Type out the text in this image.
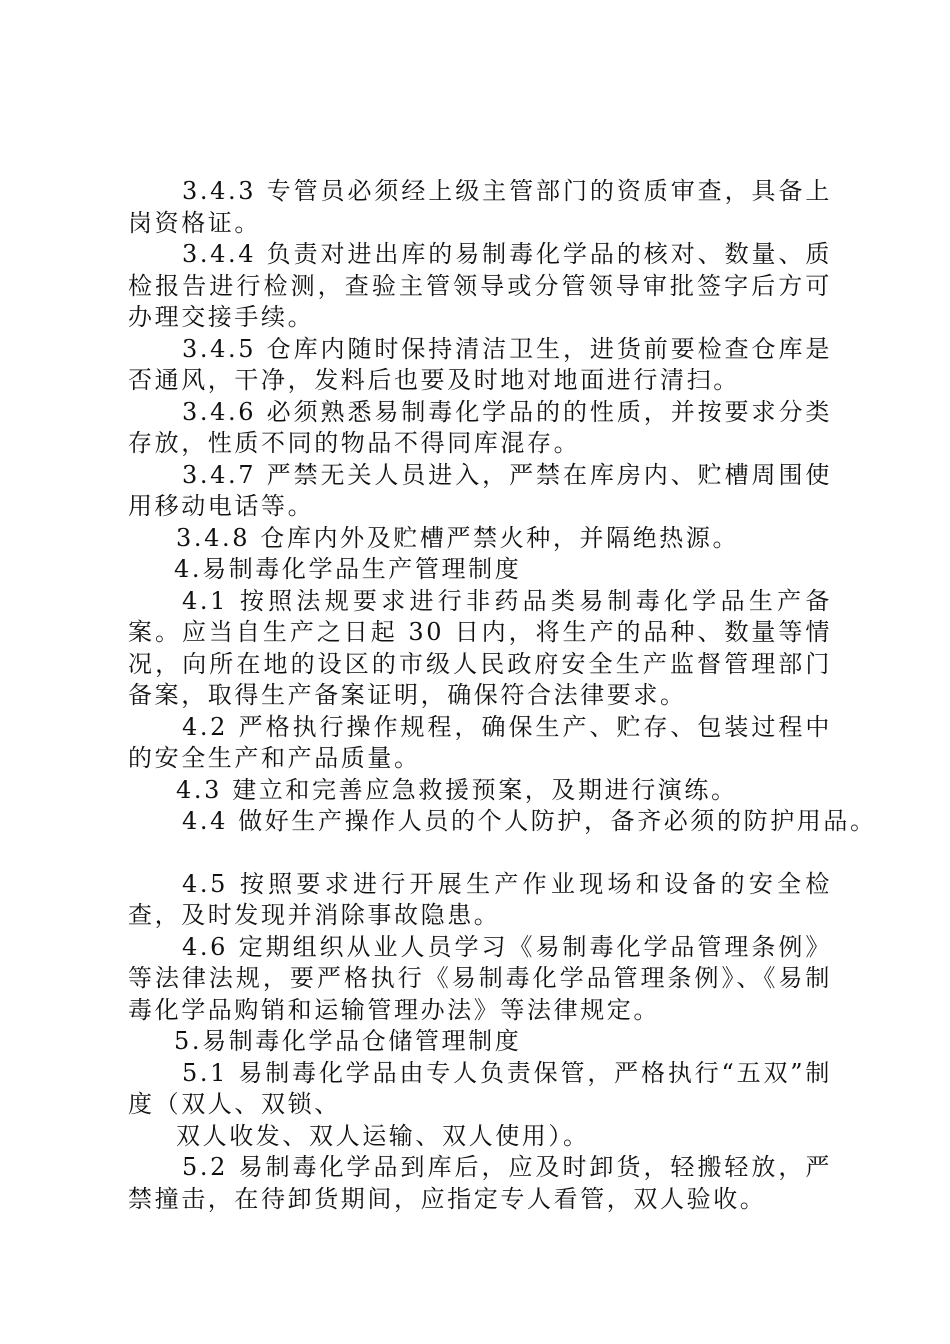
3.4.3 专管员必须经上级主管部门的资质审查，具备上岗资格证。

3.4.4 负责对进出库的易制毒化学品的核对、数量、质检报告进行检测，查验主管领导或分管领导审批签字后方可办理交接手续。

3.4.5 仓库内随时保持清洁卫生，进货前要检查仓库是否通风，干净，发料后也要及时地对地面进行清扫。

3.4.6 必须熟悉易制毒化学品的的性质，并按要求分类存放，性质不同的物品不得同库混存。

3.4.7 严禁无关人员进入，严禁在库房内、贮槽周围使用移动电话等。

3.4.8 仓库内外及贮槽严禁火种，并隔绝热源。

4.易制毒化学品生产管理制度

4.1 按照法规要求进行非药品类易制毒化学品生产备案。应当自生产之日起 30 日内，将生产的品种、数量等情况，向所在地的设区的市级人民政府安全生产监督管理部门备案，取得生产备案证明，确保符合法律要求。

4.2 严格执行操作规程，确保生产、贮存、包装过程中的安全生产和产品质量。

4.3 建立和完善应急救援预案，及期进行演练。

4.4 做好生产操作人员的个人防护，备齐必须的防护用品。

4.5 按照要求进行开展生产作业现场和设备的安全检查，及时发现并消除事故隐患。

4.6 定期组织从业人员学习《易制毒化学品管理条例》等法律法规，要严格执行《易制毒化学品管理条例》、《易制毒化学品购销和运输管理办法》等法律规定。

5.易制毒化学品仓储管理制度

5.1 易制毒化学品由专人负责保管，严格执行“五双”制度（双人、双锁、

双人收发、双人运输、双人使用）。

5.2 易制毒化学品到库后，应及时卸货，轻搬轻放，严禁撞击，在待卸货期间，应指定专人看管，双人验收。
